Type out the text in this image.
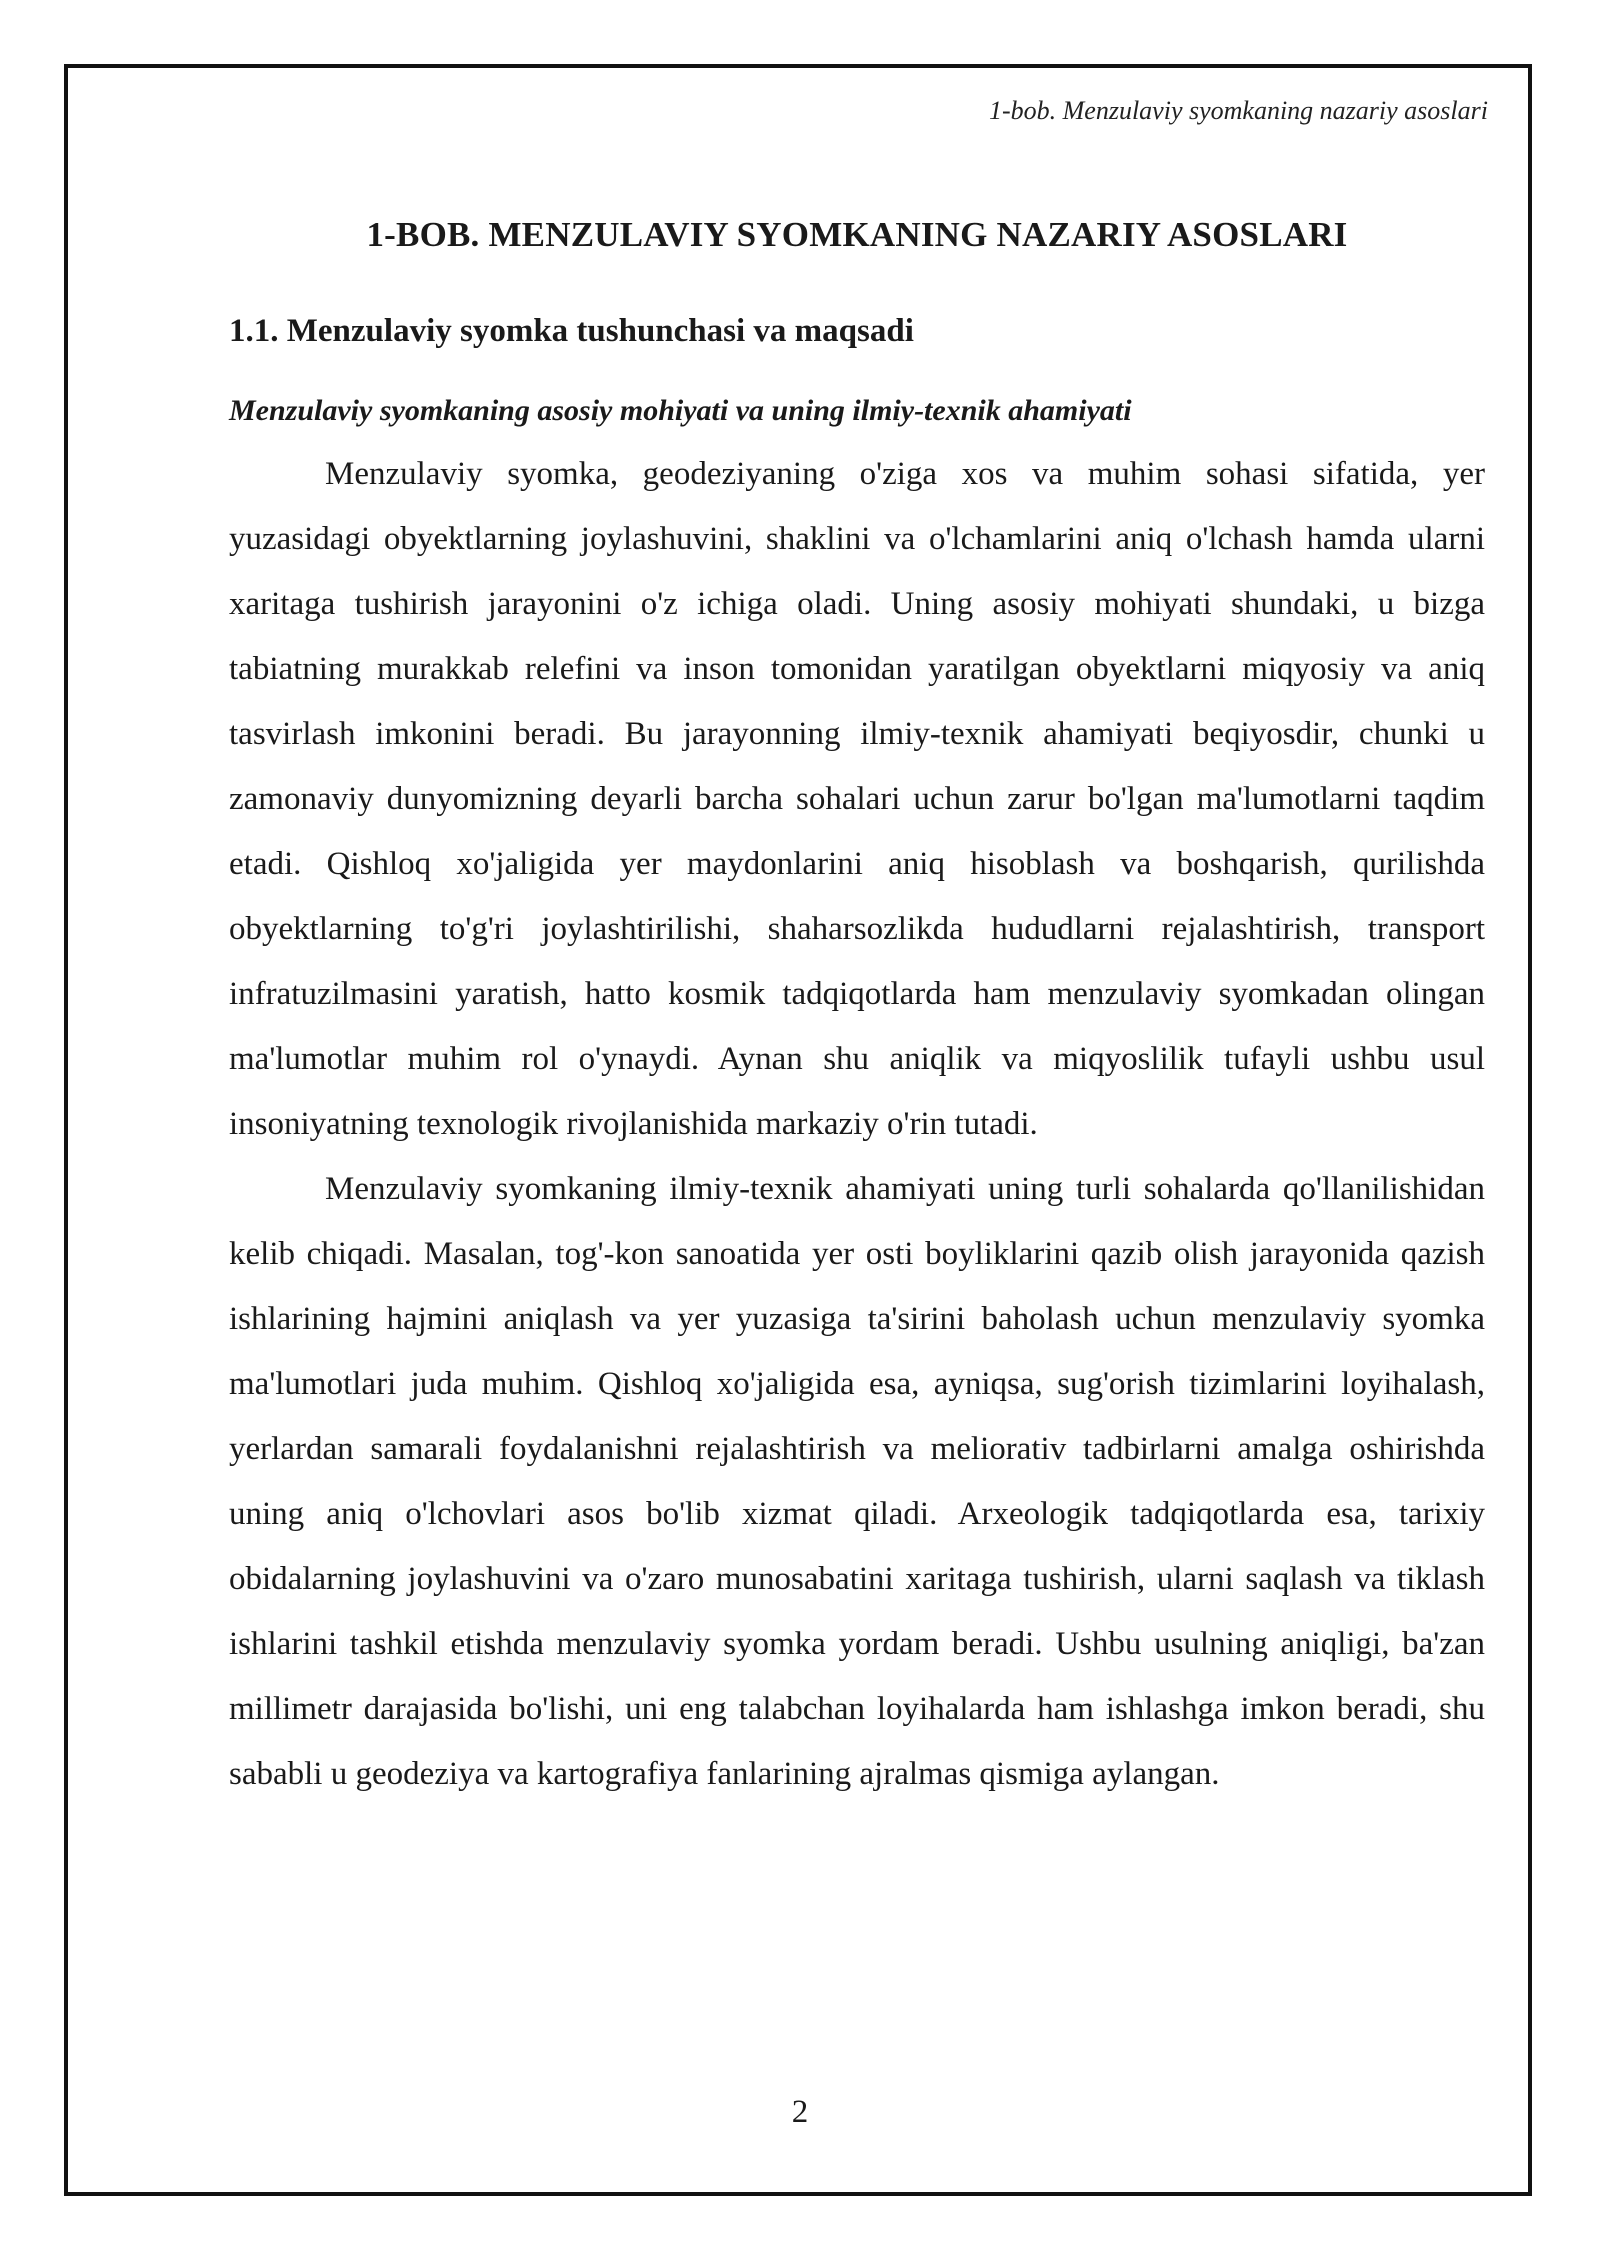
1-bob. Menzulaviy syomkaning nazariy asoslari
1-BOB. MENZULAVIY SYOMKANING NAZARIY ASOSLARI
1.1. Menzulaviy syomka tushunchasi va maqsadi
Menzulaviy syomkaning asosiy mohiyati va uning ilmiy-texnik ahamiyati

Menzulaviy syomka, geodeziyaning o'ziga xos va muhim sohasi sifatida, yer yuzasidagi obyektlarning joylashuvini, shaklini va o'lchamlarini aniq o'lchash hamda ularni xaritaga tushirish jarayonini o'z ichiga oladi. Uning asosiy mohiyati shundaki, u bizga tabiatning murakkab relefini va inson tomonidan yaratilgan obyektlarni miqyosiy va aniq tasvirlash imkonini beradi. Bu jarayonning ilmiy-texnik ahamiyati beqiyosdir, chunki u zamonaviy dunyomizning deyarli barcha sohalari uchun zarur bo'lgan ma'lumotlarni taqdim etadi. Qishloq xo'jaligida yer maydonlarini aniq hisoblash va boshqarish, qurilishda obyektlarning to'g'ri joylashtirilishi, shaharsozlikda hududlarni rejalashtirish, transport infratuzilmasini yaratish, hatto kosmik tadqiqotlarda ham menzulaviy syomkadan olingan ma'lumotlar muhim rol o'ynaydi. Aynan shu aniqlik va miqyoslilik tufayli ushbu usul insoniyatning texnologik rivojlanishida markaziy o'rin tutadi.

Menzulaviy syomkaning ilmiy-texnik ahamiyati uning turli sohalarda qo'llanilishidan kelib chiqadi. Masalan, tog'-kon sanoatida yer osti boyliklarini qazib olish jarayonida qazish ishlarining hajmini aniqlash va yer yuzasiga ta'sirini baholash uchun menzulaviy syomka ma'lumotlari juda muhim. Qishloq xo'jaligida esa, ayniqsa, sug'orish tizimlarini loyihalash, yerlardan samarali foydalanishni rejalashtirish va meliorativ tadbirlarni amalga oshirishda uning aniq o'lchovlari asos bo'lib xizmat qiladi. Arxeologik tadqiqotlarda esa, tarixiy obidalarning joylashuvini va o'zaro munosabatini xaritaga tushirish, ularni saqlash va tiklash ishlarini tashkil etishda menzulaviy syomka yordam beradi. Ushbu usulning aniqligi, ba'zan millimetr darajasida bo'lishi, uni eng talabchan loyihalarda ham ishlashga imkon beradi, shu sababli u geodeziya va kartografiya fanlarining ajralmas qismiga aylangan.

2
